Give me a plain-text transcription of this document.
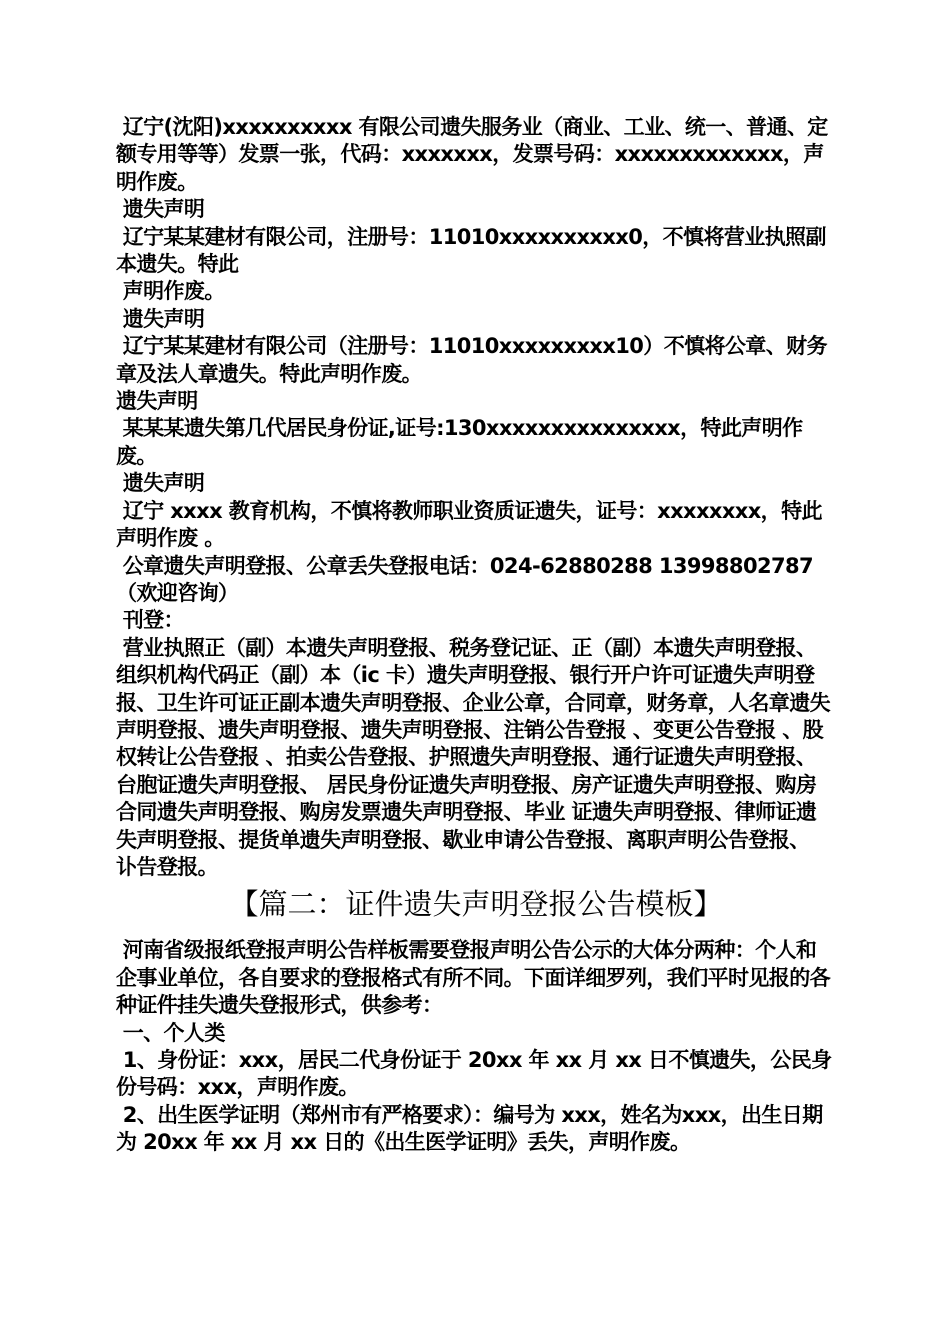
辽宁(沈阳)xxxxxxxxxx 有限公司遗失服务业（商业、工业、统一、普通、定额专用等等）发票一张，代码：xxxxxxx，发票号码：xxxxxxxxxxxxx，声明作废。

遗失声明

辽宁某某建材有限公司，注册号：11010xxxxxxxxxx0，不慎将营业执照副本遗失。特此

声明作废。

遗失声明

辽宁某某建材有限公司（注册号：11010xxxxxxxxx10）不慎将公章、财务章及法人章遗失。特此声明作废。

遗失声明

某某某遗失第几代居民身份证,证号:130xxxxxxxxxxxxxxx，特此声明作废。

遗失声明

辽宁 xxxx 教育机构，不慎将教师职业资质证遗失，证号：xxxxxxxx，特此声明作废 。

公章遗失声明登报、公章丢失登报电话：024-62880288 13998802787（欢迎咨询）

刊登：

营业执照正（副）本遗失声明登报、税务登记证、正（副）本遗失声明登报、组织机构代码正（副）本（ic 卡）遗失声明登报、银行开户许可证遗失声明登报、卫生许可证正副本遗失声明登报、企业公章，合同章，财务章，人名章遗失声明登报、遗失声明登报、遗失声明登报、注销公告登报 、变更公告登报 、股权转让公告登报 、拍卖公告登报、护照遗失声明登报、通行证遗失声明登报、台胞证遗失声明登报、 居民身份证遗失声明登报、房产证遗失声明登报、购房合同遗失声明登报、购房发票遗失声明登报、毕业 证遗失声明登报、律师证遗失声明登报、提货单遗失声明登报、歇业申请公告登报、离职声明公告登报、 讣告登报。

【篇二：证件遗失声明登报公告模板】

河南省级报纸登报声明公告样板需要登报声明公告公示的大体分两种：个人和企事业单位，各自要求的登报格式有所不同。下面详细罗列，我们平时见报的各种证件挂失遗失登报形式，供参考：

一、个人类

1、身份证：xxx，居民二代身份证于 20xx 年 xx 月 xx 日不慎遗失，公民身份号码：xxx，声明作废。

2、出生医学证明（郑州市有严格要求）：编号为 xxx，姓名为xxx，出生日期为 20xx 年 xx 月 xx 日的《出生医学证明》丢失，声明作废。
